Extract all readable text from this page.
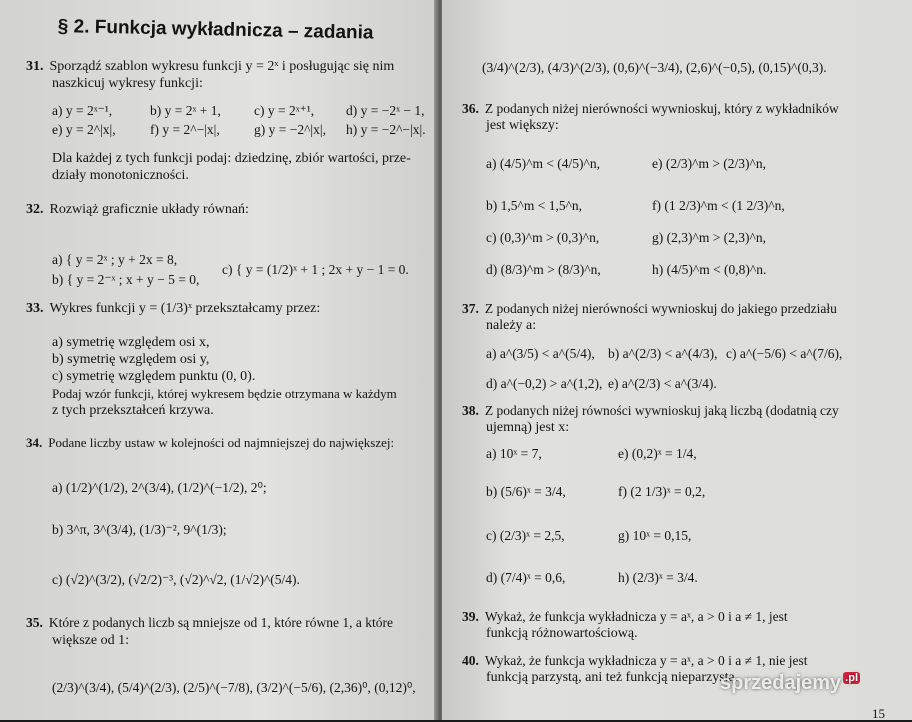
§ 2. Funkcja wykładnicza – zadania
31. Sporządź szablon wykresu funkcji y = 2ˣ i posługując się nim
naszkicuj wykresy funkcji:
a) y = 2ˣ⁻¹,	b) y = 2ˣ + 1, c) y = 2ˣ⁺¹, d) y = −2ˣ − 1,
e) y = 2^|x|,	f) y = 2^−|x|,	g) y = −2^|x|, h) y = −2^−|x|.
Dla każdej z tych funkcji podaj: dziedzinę, zbiór wartości, prze-
działy monotoniczności.
32. Rozwiąż graficznie układy równań:
a) { y = 2ˣ ; y + 2x = 8,
b) { y = 2⁻ˣ ; x + y − 5 = 0,
c) { y = (1/2)ˣ + 1 ; 2x + y − 1 = 0.
33. Wykres funkcji y = (1/3)ˣ przekształcamy przez:
a) symetrię względem osi x,
b) symetrię względem osi y,
c) symetrię względem punktu (0, 0).
Podaj wzór funkcji, której wykresem będzie otrzymana w każdym
z tych przekształceń krzywa.
34. Podane liczby ustaw w kolejności od najmniejszej do największej:
a) (1/2)^(1/2), 2^(3/4), (1/2)^(−1/2), 2⁰;
b) 3^π, 3^(3/4), (1/3)⁻², 9^(1/3);
c) (√2)^(3/2), (√2/2)⁻³, (√2)^√2, (1/√2)^(5/4).
35. Które z podanych liczb są mniejsze od 1, które równe 1, a które
większe od 1:
(2/3)^(3/4), (5/4)^(2/3), (2/5)^(−7/8), (3/2)^(−5/6), (2,36)⁰, (0,12)⁰,
(3/4)^(2/3), (4/3)^(2/3), (0,6)^(−3/4), (2,6)^(−0,5), (0,15)^(0,3).
36. Z podanych niżej nierówności wywnioskuj, który z wykładników
jest większy:
a) (4/5)^m < (4/5)^n,	e) (2/3)^m > (2/3)^n,
b) 1,5^m < 1,5^n,	f) (1 2/3)^m < (1 2/3)^n,
c) (0,3)^m > (0,3)^n,	g) (2,3)^m > (2,3)^n,
d) (8/3)^m > (8/3)^n,	h) (4/5)^m < (0,8)^n.
37. Z podanych niżej nierówności wywnioskuj do jakiego przedziału
należy a:
a) a^(3/5) < a^(5/4), b) a^(2/3) < a^(4/3), c) a^(−5/6) < a^(7/6),
d) a^(−0,2) > a^(1,2), e) a^(2/3) < a^(3/4).
38. Z podanych niżej równości wywnioskuj jaką liczbą (dodatnią czy
ujemną) jest x:
a) 10ˣ = 7,	e) (0,2)ˣ = 1/4,
b) (5/6)ˣ = 3/4,	f) (2 1/3)ˣ = 0,2,
c) (2/3)ˣ = 2,5,	g) 10ˣ = 0,15,
d) (7/4)ˣ = 0,6,	h) (2/3)ˣ = 3/4.
39. Wykaż, że funkcja wykładnicza y = aˣ, a > 0 i a ≠ 1, jest
funkcją różnowartościową.
40. Wykaż, że funkcja wykładnicza y = aˣ, a > 0 i a ≠ 1, nie jest
funkcją parzystą, ani też funkcją nieparzystą.
sprzedajemy $^{.pl}$
15
